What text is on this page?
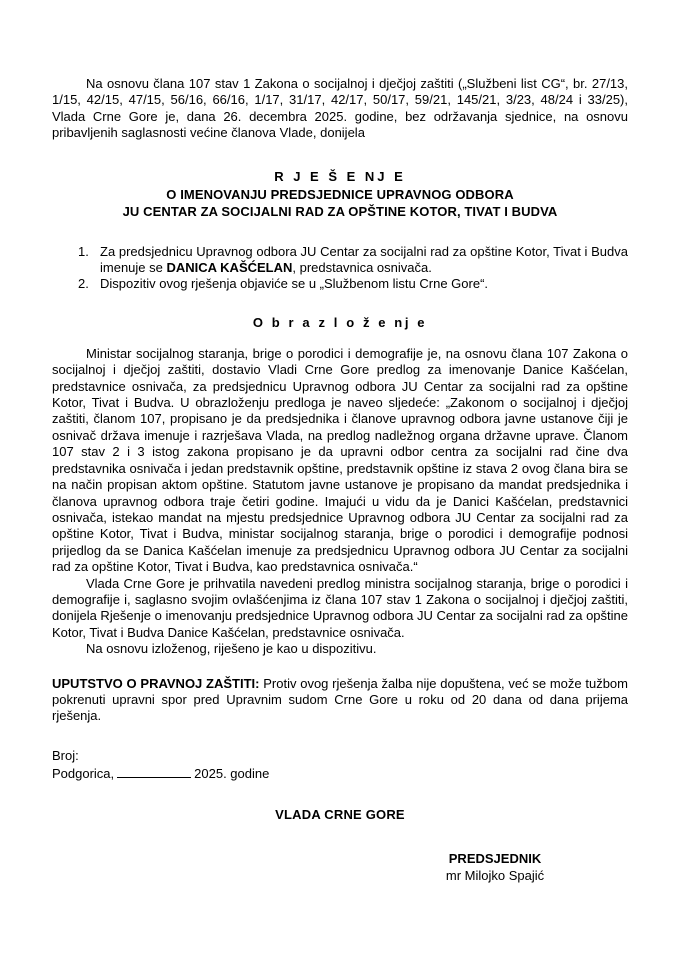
Na osnovu člana 107 stav 1 Zakona o socijalnoj i dječjoj zaštiti („Službeni list CG“, br. 27/13, 1/15, 42/15, 47/15, 56/16, 66/16, 1/17, 31/17, 42/17, 50/17, 59/21, 145/21, 3/23, 48/24 i 33/25), Vlada Crne Gore je, dana 26. decembra 2025. godine, bez održavanja sjednice, na osnovu pribavljenih saglasnosti većine članova Vlade, donijela

R J E Š E NJ E
O IMENOVANJU PREDSJEDNICE UPRAVNOG ODBORA
JU CENTAR ZA SOCIJALNI RAD ZA OPŠTINE KOTOR, TIVAT I BUDVA
1. Za predsjednicu Upravnog odbora JU Centar za socijalni rad za opštine Kotor, Tivat i Budva imenuje se DANICA KAŠĆELAN, predstavnica osnivača.
2. Dispozitiv ovog rješenja objaviće se u „Službenom listu Crne Gore“.
O b r a z l o ž e nj e

Ministar socijalnog staranja, brige o porodici i demografije je, na osnovu člana 107 Zakona o socijalnoj i dječjoj zaštiti, dostavio Vladi Crne Gore predlog za imenovanje Danice Kašćelan, predstavnice osnivača, za predsjednicu Upravnog odbora JU Centar za socijalni rad za opštine Kotor, Tivat i Budva. U obrazloženju predloga je naveo sljedeće: „Zakonom o socijalnoj i dječjoj zaštiti, članom 107, propisano je da predsjednika i članove upravnog odbora javne ustanove čiji je osnivač država imenuje i razrješava Vlada, na predlog nadležnog organa državne uprave. Članom 107 stav 2 i 3 istog zakona propisano je da upravni odbor centra za socijalni rad čine dva predstavnika osnivača i jedan predstavnik opštine, predstavnik opštine iz stava 2 ovog člana bira se na način propisan aktom opštine. Statutom javne ustanove je propisano da mandat predsjednika i članova upravnog odbora traje četiri godine. Imajući u vidu da je Danici Kašćelan, predstavnici osnivača, istekao mandat na mjestu predsjednice Upravnog odbora JU Centar za socijalni rad za opštine Kotor, Tivat i Budva, ministar socijalnog staranja, brige o porodici i demografije podnosi prijedlog da se Danica Kašćelan imenuje za predsjednicu Upravnog odbora JU Centar za socijalni rad za opštine Kotor, Tivat i Budva, kao predstavnica osnivača.“

Vlada Crne Gore je prihvatila navedeni predlog ministra socijalnog staranja, brige o porodici i demografije i, saglasno svojim ovlašćenjima iz člana 107 stav 1 Zakona o socijalnoj i dječjoj zaštiti, donijela Rješenje o imenovanju predsjednice Upravnog odbora JU Centar za socijalni rad za opštine Kotor, Tivat i Budva Danice Kašćelan, predstavnice osnivača.

Na osnovu izloženog, riješeno je kao u dispozitivu.

UPUTSTVO O PRAVNOJ ZAŠTITI: Protiv ovog rješenja žalba nije dopuštena, već se može tužbom pokrenuti upravni spor pred Upravnim sudom Crne Gore u roku od 20 dana od dana prijema rješenja.

Broj:
Podgorica,	2025. godine
VLADA CRNE GORE
PREDSJEDNIK
mr Milojko Spajić
